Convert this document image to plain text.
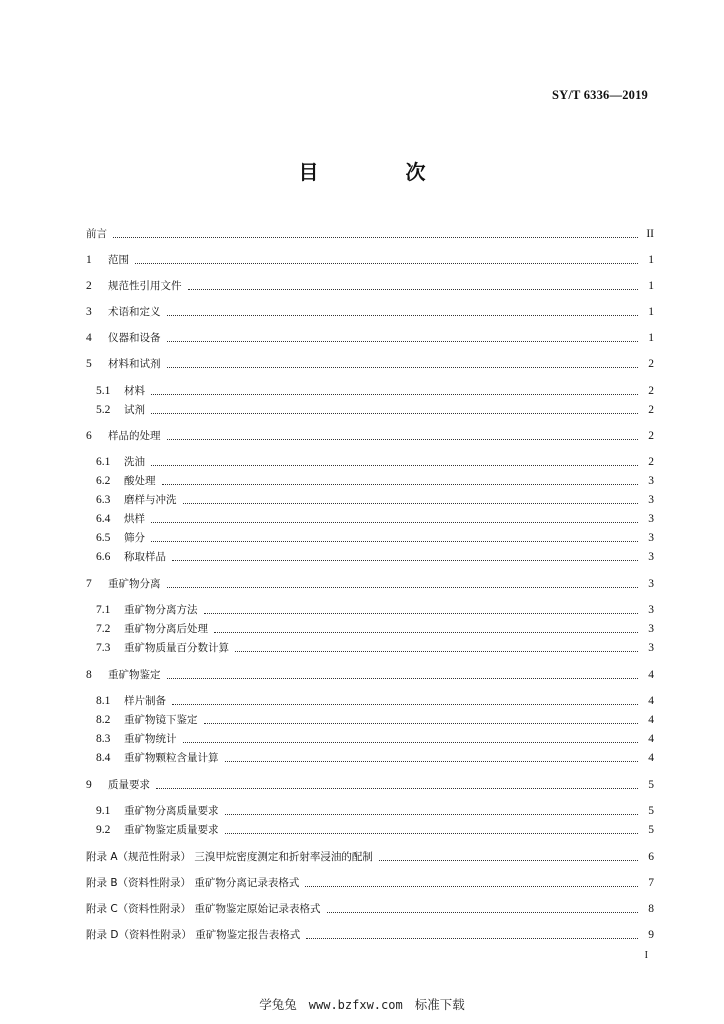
SY/T 6336—2019
目 次
前言	II
1 范围	1
2 规范性引用文件	1
3 术语和定义	1
4 仪器和设备	1
5 材料和试剂	2
5.1 材料	2
5.2 试剂	2
6 样品的处理	2
6.1 洗油	2
6.2 酸处理	3
6.3 磨样与冲洗	3
6.4 烘样	3
6.5 筛分	3
6.6 称取样品	3
7 重矿物分离	3
7.1 重矿物分离方法	3
7.2 重矿物分离后处理	3
7.3 重矿物质量百分数计算	3
8 重矿物鉴定	4
8.1 样片制备	4
8.2 重矿物镜下鉴定	4
8.3 重矿物统计	4
8.4 重矿物颗粒含量计算	4
9 质量要求	5
9.1 重矿物分离质量要求	5
9.2 重矿物鉴定质量要求	5
附录 A（规范性附录） 三溴甲烷密度测定和折射率浸油的配制	6
附录 B（资料性附录） 重矿物分离记录表格式	7
附录 C（资料性附录） 重矿物鉴定原始记录表格式	8
附录 D（资料性附录） 重矿物鉴定报告表格式	9
I
学兔兔 www.bzfxw.com 标准下载
